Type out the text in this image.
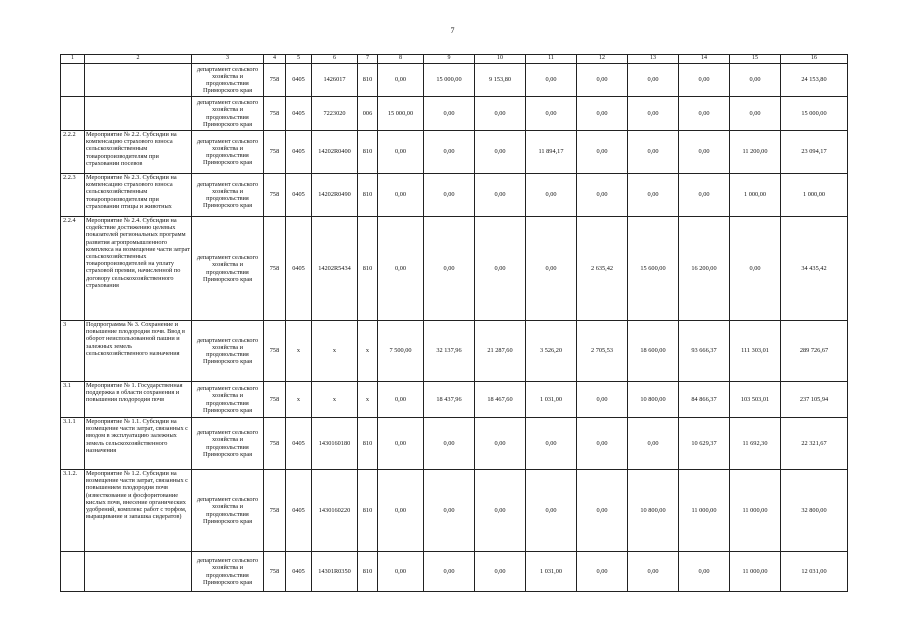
7
1	2	3	4	5	6	7	8	9	10	11	12	13	14	15	16
		департамент сельского хозяйства и продовольствия Приморского края	758	0405	1426017	810	0,00	15 000,00	9 153,80	0,00	0,00	0,00	0,00	0,00	24 153,80
		департамент сельского хозяйства и продовольствия Приморского края	758	0405	7223020	006	15 000,00	0,00	0,00	0,00	0,00	0,00	0,00	0,00	15 000,00
2.2.2	Мероприятие № 2.2. Субсидии на компенсацию страхового взноса сельскохозяйственным товаропроизводителям при страховании посевов	департамент сельского хозяйства и продовольствия Приморского края	758	0405	14202R0400	810	0,00	0,00	0,00	11 894,17	0,00	0,00	0,00	11 200,00	23 094,17
2.2.3	Мероприятие № 2.3. Субсидии на компенсацию страхового взноса сельскохозяйственным товаропроизводителям при страховании птицы и животных	департамент сельского хозяйства и продовольствия Приморского края	758	0405	14202R0490	810	0,00	0,00	0,00	0,00	0,00	0,00	0,00	1 000,00	1 000,00
2.2.4	Мероприятие № 2.4. Субсидии на содействие достижению целевых показателей региональных программ развития агропромышленного комплекса на возмещение части затрат сельскохозяйственных товаропроизводителей на уплату страховой премии, начисленной по договору сельскохозяйственного страхования	департамент сельского хозяйства и продовольствия Приморского края	758	0405	14202R5434	810	0,00	0,00	0,00	0,00	2 635,42	15 600,00	16 200,00	0,00	34 435,42
3	Подпрограмма № 3. Сохранение и повышение плодородия почв. Ввод в оборот неиспользованной пашни и залежных земель сельскохозяйственного назначения	департамент сельского хозяйства и продовольствия Приморского края	758	x	x	x	7 500,00	32 137,96	21 287,60	3 526,20	2 705,53	18 600,00	93 666,37	111 303,01	289 726,67
3.1	Мероприятие № 1. Государственная поддержка в области сохранения и повышения плодородия почв	департамент сельского хозяйства и продовольствия Приморского края	758	x	x	x	0,00	18 437,96	18 467,60	1 031,00	0,00	10 800,00	84 866,37	103 503,01	237 105,94
3.1.1	Мероприятие № 1.1. Субсидии на возмещение части затрат, связанных с вводом в эксплуатацию залежных земель сельскохозяйственного назначения	департамент сельского хозяйства и продовольствия Приморского края	758	0405	1430160180	810	0,00	0,00	0,00	0,00	0,00	0,00	10 629,37	11 692,30	22 321,67
3.1.2.	Мероприятие № 1.2. Субсидии на возмещение части затрат, связанных с повышением плодородия почв (известкование и фосфоритование кислых почв, внесение органических удобрений, комплекс работ с торфом, выращивание и запашка сидератов)	департамент сельского хозяйства и продовольствия Приморского края	758	0405	1430160220	810	0,00	0,00	0,00	0,00	0,00	10 800,00	11 000,00	11 000,00	32 800,00
		департамент сельского хозяйства и продовольствия Приморского края	758	0405	14301R0350	810	0,00	0,00	0,00	1 031,00	0,00	0,00	0,00	11 000,00	12 031,00
